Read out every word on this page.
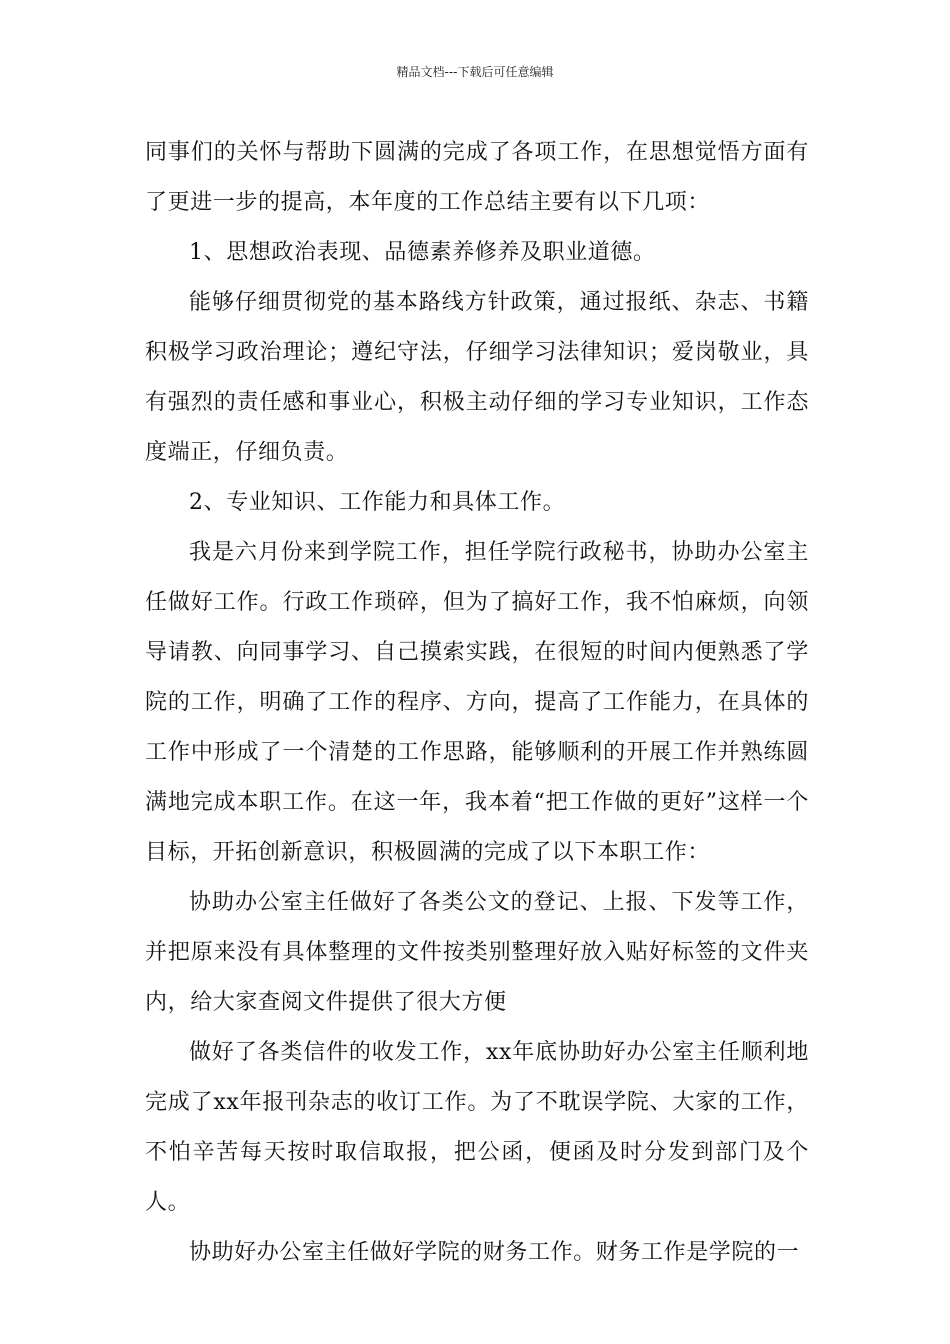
精品文档---下载后可任意编辑

同事们的关怀与帮助下圆满的完成了各项工作，在思想觉悟方面有了更进一步的提高，本年度的工作总结主要有以下几项：

1、思想政治表现、品德素养修养及职业道德。

能够仔细贯彻党的基本路线方针政策，通过报纸、杂志、书籍积极学习政治理论；遵纪守法，仔细学习法律知识；爱岗敬业，具有强烈的责任感和事业心，积极主动仔细的学习专业知识，工作态度端正，仔细负责。

2、专业知识、工作能力和具体工作。

我是六月份来到学院工作，担任学院行政秘书，协助办公室主任做好工作。行政工作琐碎，但为了搞好工作，我不怕麻烦，向领导请教、向同事学习、自己摸索实践，在很短的时间内便熟悉了学院的工作，明确了工作的程序、方向，提高了工作能力，在具体的工作中形成了一个清楚的工作思路，能够顺利的开展工作并熟练圆满地完成本职工作。在这一年，我本着“把工作做的更好”这样一个目标，开拓创新意识，积极圆满的完成了以下本职工作：

协助办公室主任做好了各类公文的登记、上报、下发等工作，并把原来没有具体整理的文件按类别整理好放入贴好标签的文件夹内，给大家查阅文件提供了很大方便

做好了各类信件的收发工作，xx年底协助好办公室主任顺利地完成了xx年报刊杂志的收订工作。为了不耽误学院、大家的工作，不怕辛苦每天按时取信取报，把公函，便函及时分发到部门及个人。

协助好办公室主任做好学院的财务工作。财务工作是学院的一
